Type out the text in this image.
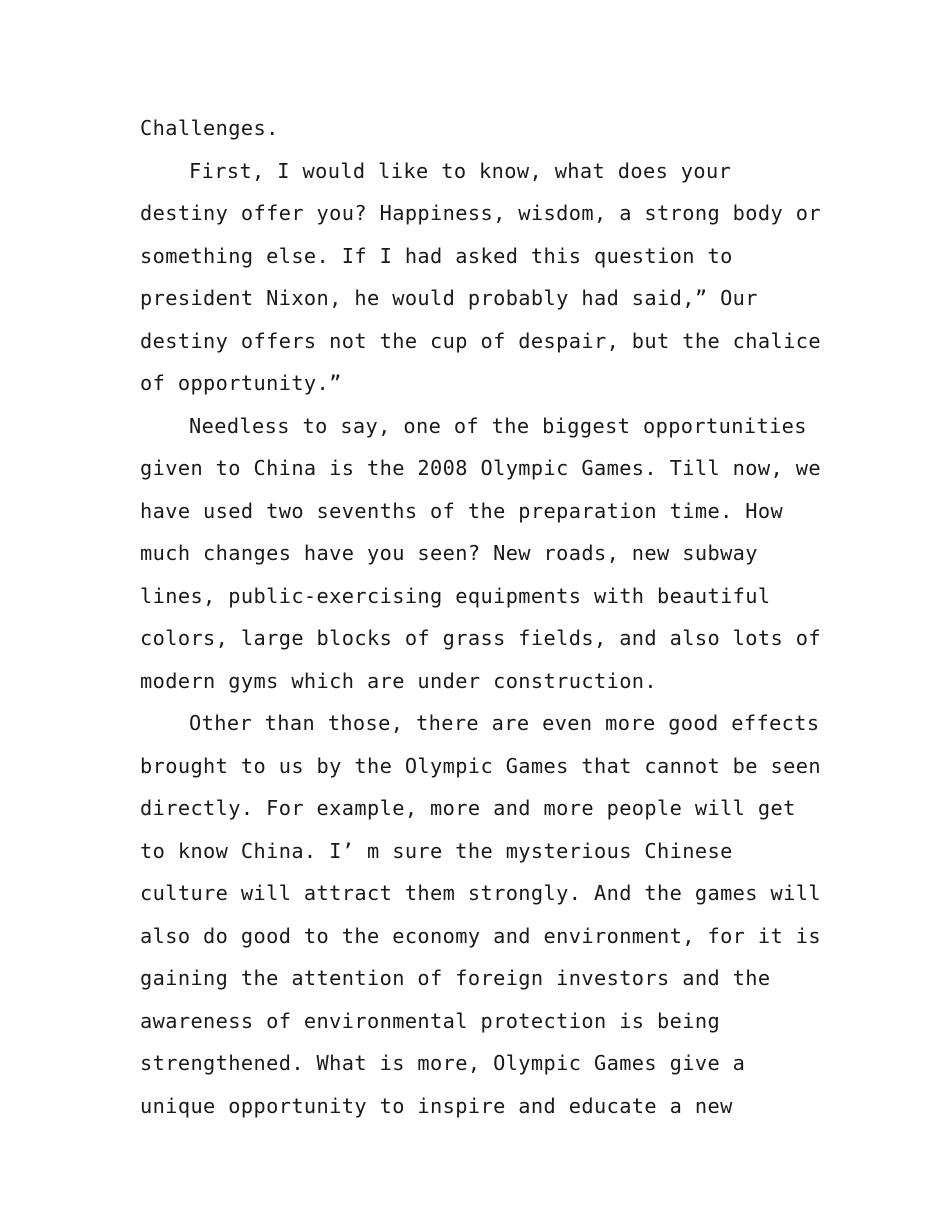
Challenges.
First, I would like to know, what does your
destiny offer you? Happiness, wisdom, a strong body or
something else. If I had asked this question to
president Nixon, he would probably had said,” Our
destiny offers not the cup of despair, but the chalice
of opportunity.”
Needless to say, one of the biggest opportunities
given to China is the 2008 Olympic Games. Till now, we
have used two sevenths of the preparation time. How
much changes have you seen? New roads, new subway
lines, public-exercising equipments with beautiful
colors, large blocks of grass fields, and also lots of
modern gyms which are under construction.
Other than those, there are even more good effects
brought to us by the Olympic Games that cannot be seen
directly. For example, more and more people will get
to know China. I’ m sure the mysterious Chinese
culture will attract them strongly. And the games will
also do good to the economy and environment, for it is
gaining the attention of foreign investors and the
awareness of environmental protection is being
strengthened. What is more, Olympic Games give a
unique opportunity to inspire and educate a new
